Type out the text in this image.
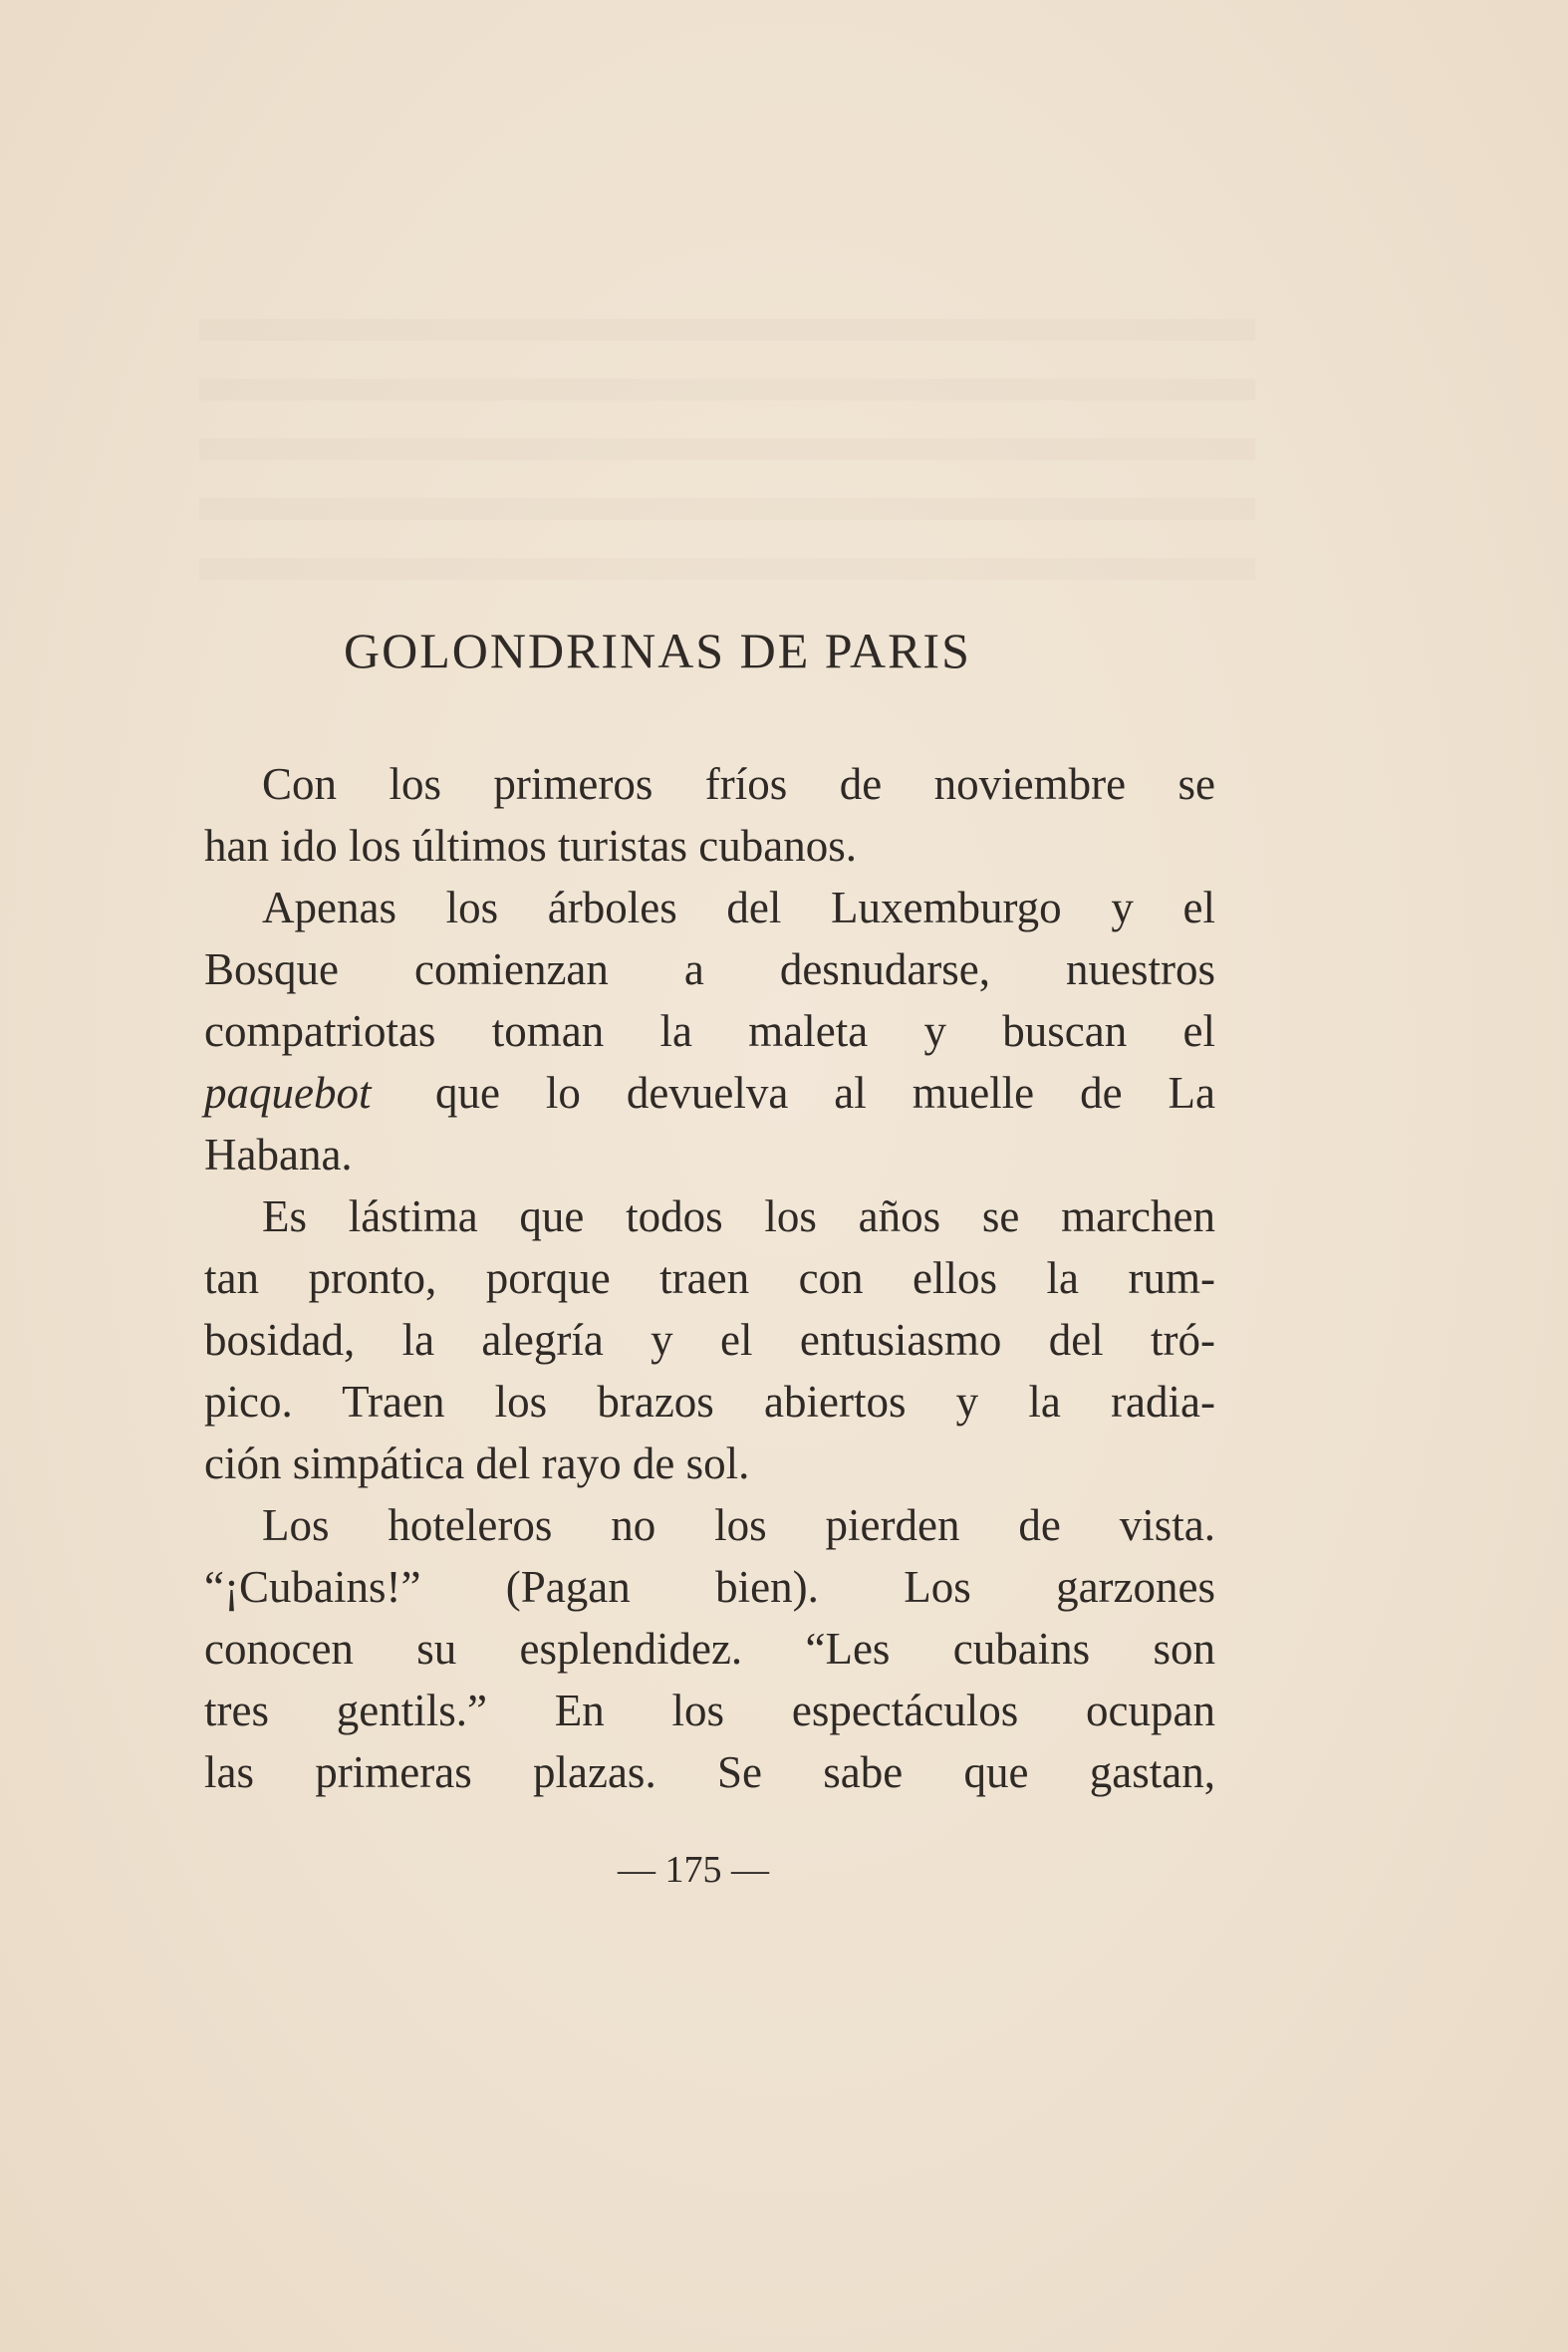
GOLONDRINAS DE PARIS
Con los primeros fríos de noviembre se
han ido los últimos turistas cubanos.
Apenas los árboles del Luxemburgo y el
Bosque comienzan a desnudarse, nuestros
compatriotas toman la maleta y buscan el
paquebot que lo devuelva al muelle de La
Habana.
Es lástima que todos los años se marchen
tan pronto, porque traen con ellos la rum-
bosidad, la alegría y el entusiasmo del tró-
pico. Traen los brazos abiertos y la radia-
ción simpática del rayo de sol.
Los hoteleros no los pierden de vista.
“¡Cubains!” (Pagan bien). Los garzones
conocen su esplendidez. “Les cubains son
tres gentils.” En los espectáculos ocupan
las primeras plazas. Se sabe que gastan,
— 175 —
